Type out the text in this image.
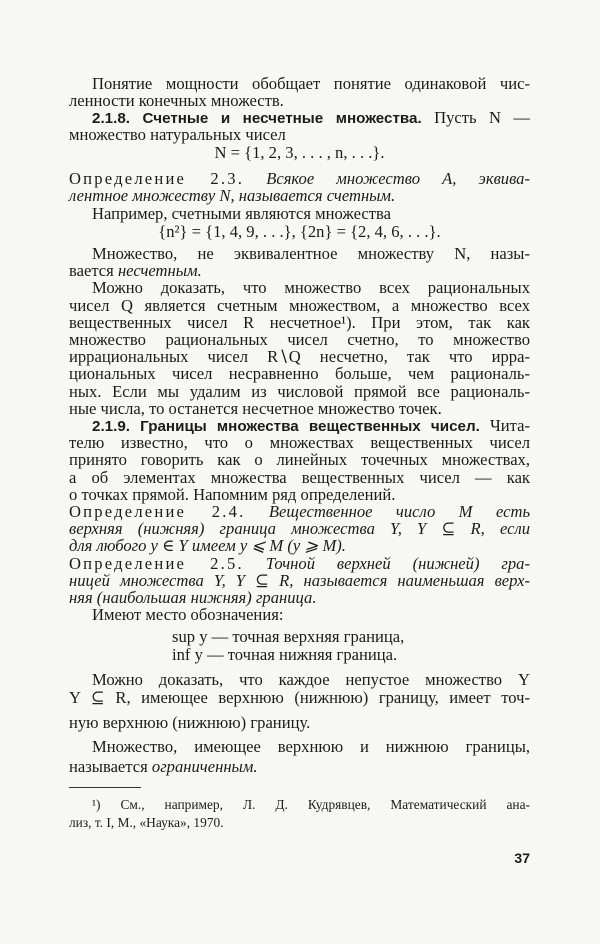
Понятие мощности обобщает понятие одинаковой чис-
ленности конечных множеств.
2.1.8. Счетные и несчетные множества. Пусть N —
множество натуральных чисел
N = {1, 2, 3, . . . , n, . . .}.
Определение 2.3. Всякое множество A, эквива-
лентное множеству N, называется счетным.
Например, счетными являются множества
{n²} = {1, 4, 9, . . .}, {2n} = {2, 4, 6, . . .}.
Множество, не эквивалентное множеству N, назы-
вается несчетным.
Можно доказать, что множество всех рациональных
чисел Q является счетным множеством, а множество всех
вещественных чисел R несчетное¹). При этом, так как
множество рациональных чисел счетно, то множество
иррациональных чисел R∖Q несчетно, так что ирра-
циональных чисел несравненно больше, чем рациональ-
ных. Если мы удалим из числовой прямой все рациональ-
ные числа, то останется несчетное множество точек.
2.1.9. Границы множества вещественных чисел. Чита-
телю известно, что о множествах вещественных чисел
принято говорить как о линейных точечных множествах,
а об элементах множества вещественных чисел — как
о точках прямой. Напомним ряд определений.
Определение 2.4. Вещественное число M есть
верхняя (нижняя) граница множества Y, Y ⊆ R, если
для любого y ∈ Y имеем y ⩽ M (y ⩾ M).
Определение 2.5. Точной верхней (нижней) гра-
ницей множества Y, Y ⊆ R, называется наименьшая верх-
няя (наибольшая нижняя) граница.
Имеют место обозначения:
sup y — точная верхняя граница,
inf y — точная нижняя граница.
Можно доказать, что каждое непустое множество Y
Y ⊆ R, имеющее верхнюю (нижнюю) границу, имеет точ-
ную верхнюю (нижнюю) границу.
Множество, имеющее верхнюю и нижнюю границы,
называется ограниченным.
¹) См., например, Л. Д. Кудрявцев, Математический ана-
лиз, т. I, М., «Наука», 1970.
37
